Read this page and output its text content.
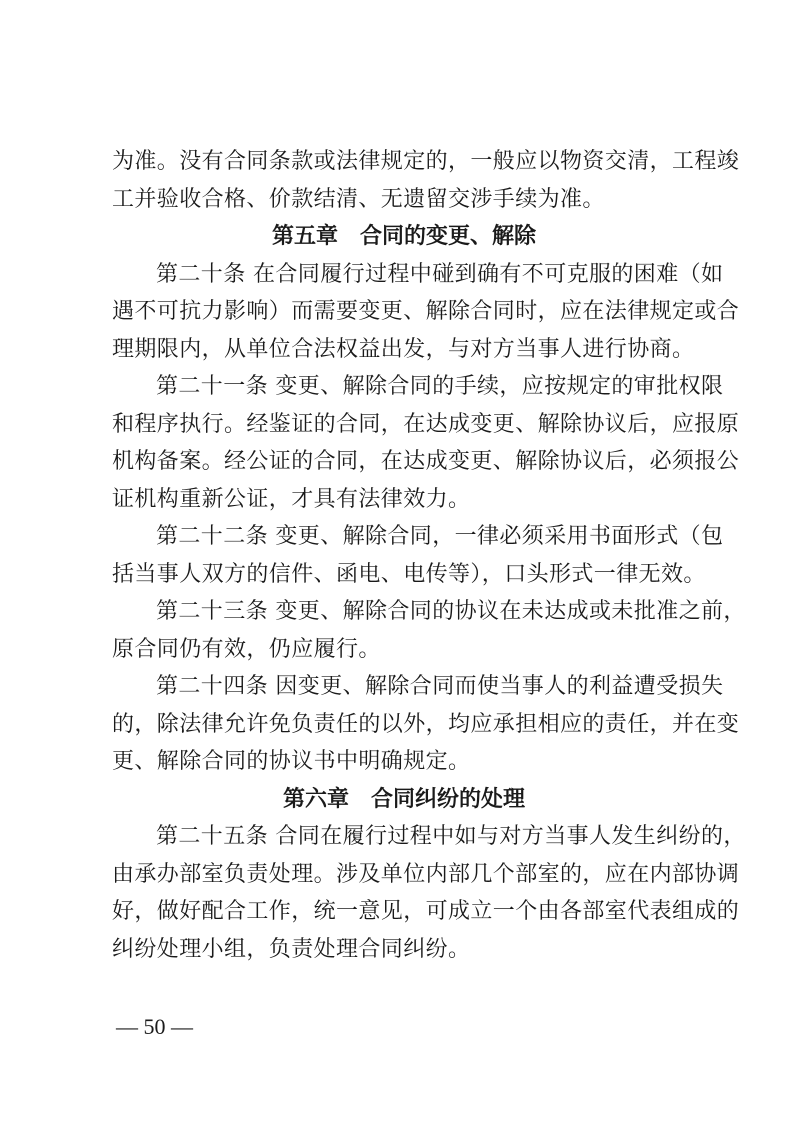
为准。没有合同条款或法律规定的，一般应以物资交清，工程竣
工并验收合格、价款结清、无遗留交涉手续为准。
第五章　合同的变更、解除
第二十条 在合同履行过程中碰到确有不可克服的困难（如
遇不可抗力影响）而需要变更、解除合同时，应在法律规定或合
理期限内，从单位合法权益出发，与对方当事人进行协商。
第二十一条 变更、解除合同的手续，应按规定的审批权限
和程序执行。经鉴证的合同，在达成变更、解除协议后，应报原
机构备案。经公证的合同，在达成变更、解除协议后，必须报公
证机构重新公证，才具有法律效力。
第二十二条 变更、解除合同，一律必须采用书面形式（包
括当事人双方的信件、函电、电传等），口头形式一律无效。
第二十三条 变更、解除合同的协议在未达成或未批准之前，
原合同仍有效，仍应履行。
第二十四条 因变更、解除合同而使当事人的利益遭受损失
的，除法律允许免负责任的以外，均应承担相应的责任，并在变
更、解除合同的协议书中明确规定。
第六章　合同纠纷的处理
第二十五条 合同在履行过程中如与对方当事人发生纠纷的，
由承办部室负责处理。涉及单位内部几个部室的，应在内部协调
好，做好配合工作，统一意见，可成立一个由各部室代表组成的
纠纷处理小组，负责处理合同纠纷。
— 50 —
